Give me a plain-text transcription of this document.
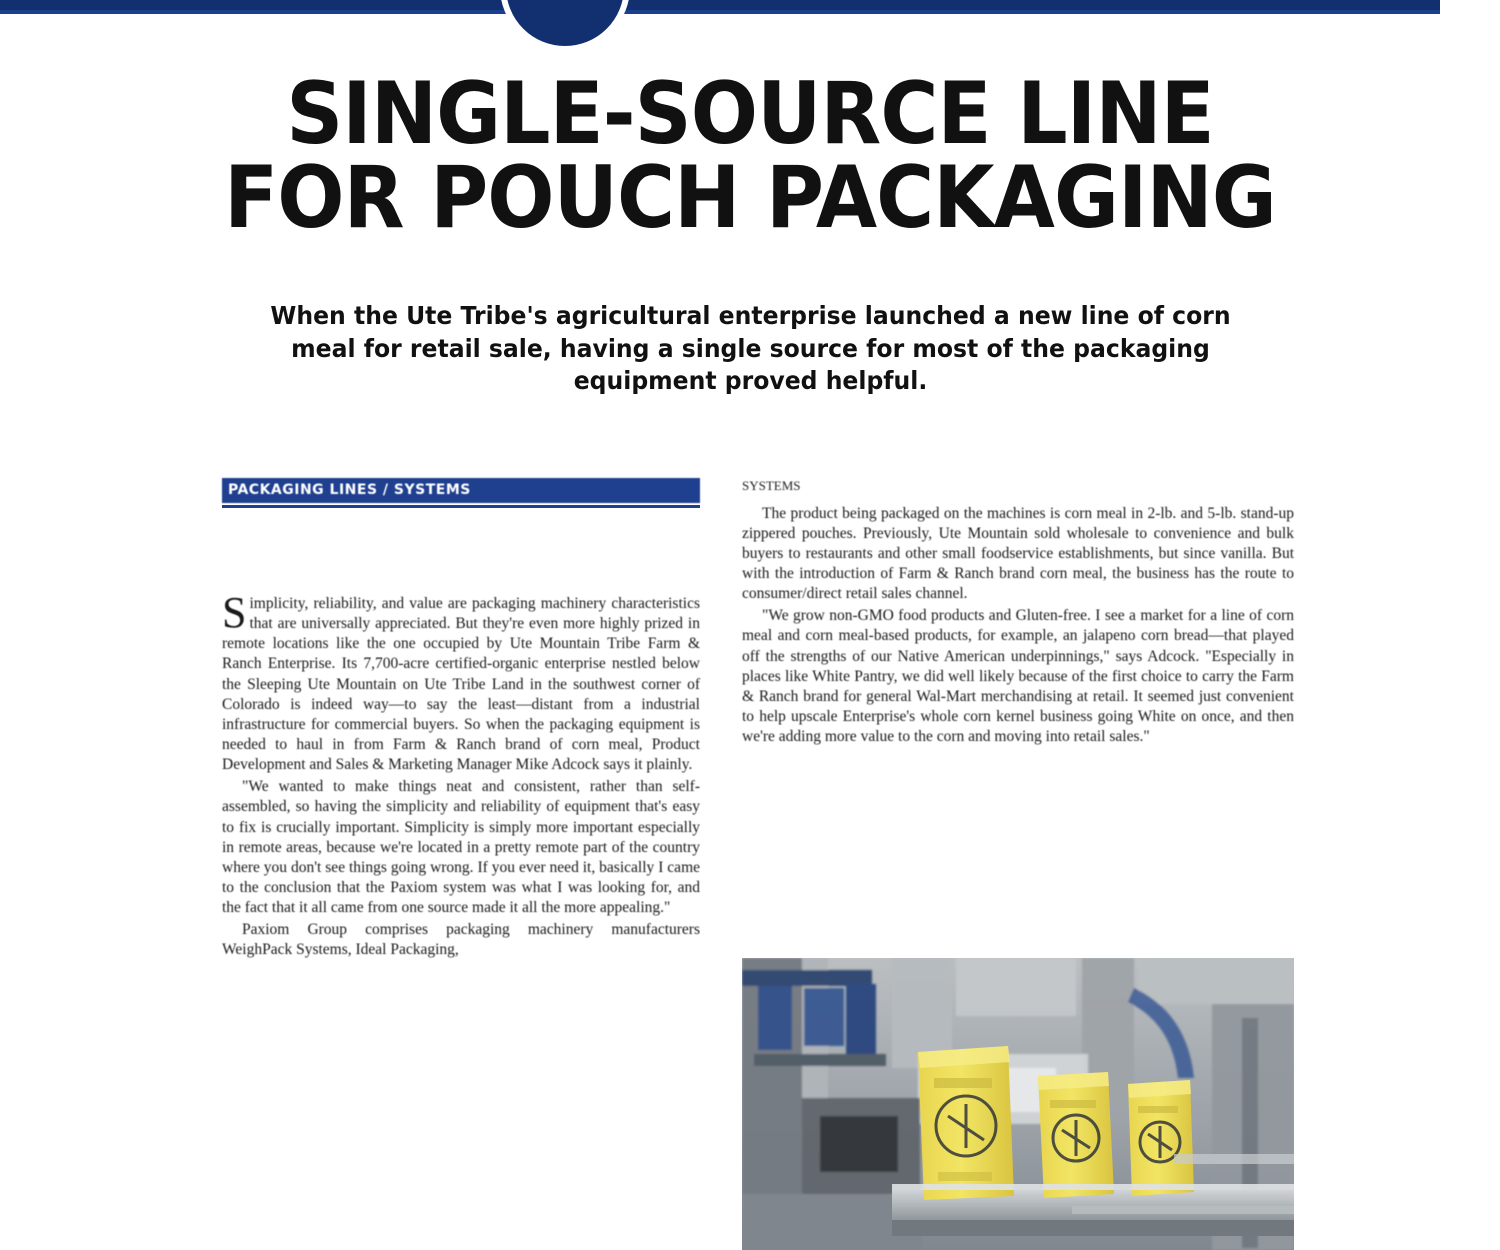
SINGLE-SOURCE LINE
FOR POUCH PACKAGING
When the Ute Tribe's agricultural enterprise launched a new line of corn meal for retail sale, having a single source for most of the packaging equipment proved helpful.
PACKAGING LINES / SYSTEMS

Simplicity, reliability, and value are packaging machinery characteristics that are universally appreciated. But they're even more highly prized in remote locations like the one occupied by Ute Mountain Tribe Farm & Ranch Enterprise. Its 7,700-acre certified-organic enterprise nestled below the Sleeping Ute Mountain on Ute Tribe Land in the southwest corner of Colorado is indeed way—to say the least—distant from a industrial infrastructure for commercial buyers. So when the packaging equipment is needed to haul in from Farm & Ranch brand of corn meal, Product Development and Sales & Marketing Manager Mike Adcock says it plainly.

"We wanted to make things neat and consistent, rather than self-assembled, so having the simplicity and reliability of equipment that's easy to fix is crucially important. Simplicity is simply more important especially in remote areas, because we're located in a pretty remote part of the country where you don't see things going wrong. If you ever need it, basically I came to the conclusion that the Paxiom system was what I was looking for, and the fact that it all came from one source made it all the more appealing."

Paxiom Group comprises packaging machinery manufacturers WeighPack Systems, Ideal Packaging,

SYSTEMS

The product being packaged on the machines is corn meal in 2-lb. and 5-lb. stand-up zippered pouches. Previously, Ute Mountain sold wholesale to convenience and bulk buyers to restaurants and other small foodservice establishments, but since vanilla. But with the introduction of Farm & Ranch brand corn meal, the business has the route to consumer/direct retail sales channel.

"We grow non-GMO food products and Gluten-free. I see a market for a line of corn meal and corn meal-based products, for example, an jalapeno corn bread—that played off the strengths of our Native American underpinnings," says Adcock. "Especially in places like White Pantry, we did well likely because of the first choice to carry the Farm & Ranch brand for general Wal-Mart merchandising at retail. It seemed just convenient to help upscale Enterprise's whole corn kernel business going White on once, and then we're adding more value to the corn and moving into retail sales."
